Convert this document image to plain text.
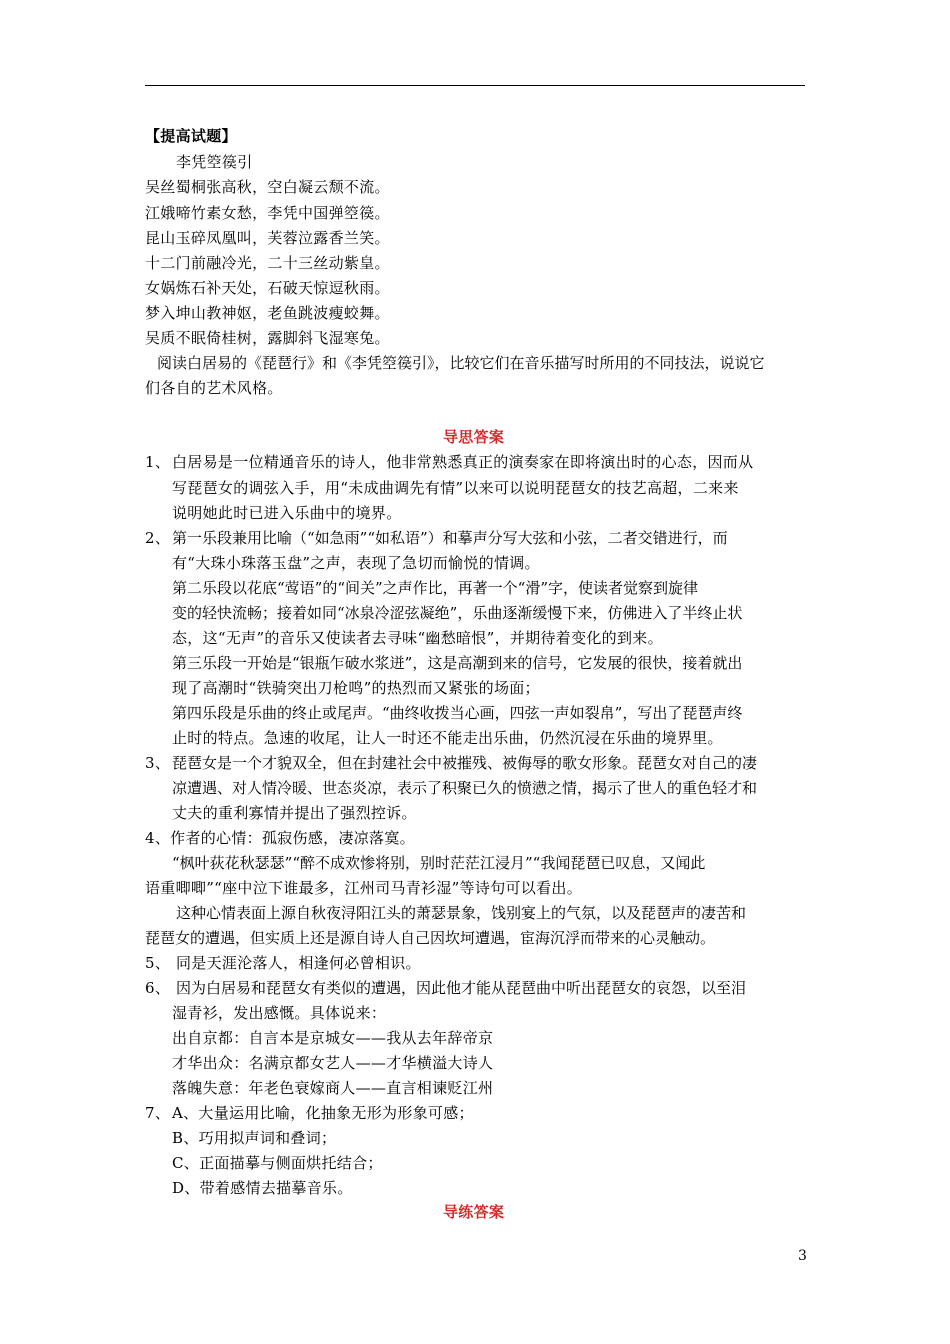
【提高试题】
李凭箜篌引
吴丝蜀桐张高秋，空白凝云颓不流。
江娥啼竹素女愁，李凭中国弹箜篌。
昆山玉碎凤凰叫，芙蓉泣露香兰笑。
十二门前融冷光，二十三丝动紫皇。
女娲炼石补天处，石破天惊逗秋雨。
梦入坤山教神妪，老鱼跳波瘦蛟舞。
吴质不眠倚桂树，露脚斜飞湿寒兔。
阅读白居易的《琵琶行》和《李凭箜篌引》，比较它们在音乐描写时所用的不同技法，说说它
们各自的艺术风格。
导思答案
1、 白居易是一位精通音乐的诗人，他非常熟悉真正的演奏家在即将演出时的心态，因而从
写琵琶女的调弦入手，用“未成曲调先有情”以来可以说明琵琶女的技艺高超，二来来
说明她此时已进入乐曲中的境界。
2、 第一乐段兼用比喻（“如急雨”“如私语”）和摹声分写大弦和小弦，二者交错进行，而
有“大珠小珠落玉盘”之声，表现了急切而愉悦的情调。
第二乐段以花底“莺语”的“间关”之声作比，再著一个“滑”字，使读者觉察到旋律
变的轻快流畅；接着如同“冰泉冷涩弦凝绝”，乐曲逐渐缓慢下来，仿佛进入了半终止状
态，这“无声”的音乐又使读者去寻味“幽愁暗恨”，并期待着变化的到来。
第三乐段一开始是“银瓶乍破水浆迸”，这是高潮到来的信号，它发展的很快，接着就出
现了高潮时“铁骑突出刀枪鸣”的热烈而又紧张的场面；
第四乐段是乐曲的终止或尾声。“曲终收拨当心画，四弦一声如裂帛”，写出了琵琶声终
止时的特点。急速的收尾，让人一时还不能走出乐曲，仍然沉浸在乐曲的境界里。
3、 琵琶女是一个才貌双全，但在封建社会中被摧残、被侮辱的歌女形象。琵琶女对自己的凄
凉遭遇、对人情冷暖、世态炎凉，表示了积聚已久的愤懑之情，揭示了世人的重色轻才和
丈夫的重利寡情并提出了强烈控诉。
4、作者的心情：孤寂伤感，凄凉落寞。
“枫叶荻花秋瑟瑟”“醉不成欢惨将别，别时茫茫江浸月”“我闻琵琶已叹息，又闻此
语重唧唧”“座中泣下谁最多，江州司马青衫湿”等诗句可以看出。
这种心情表面上源自秋夜浔阳江头的萧瑟景象，饯别宴上的气氛，以及琵琶声的凄苦和
琵琶女的遭遇，但实质上还是源自诗人自己因坎坷遭遇，宦海沉浮而带来的心灵触动。
5、 同是天涯沦落人，相逢何必曾相识。
6、 因为白居易和琵琶女有类似的遭遇，因此他才能从琵琶曲中听出琵琶女的哀怨，以至泪
湿青衫，发出感慨。具体说来：
出自京都：自言本是京城女——我从去年辞帝京
才华出众：名满京都女艺人——才华横溢大诗人
落魄失意：年老色衰嫁商人——直言相谏贬江州
7、 A、大量运用比喻，化抽象无形为形象可感；
B、巧用拟声词和叠词；
C、正面描摹与侧面烘托结合；
D、带着感情去描摹音乐。
导练答案
3
